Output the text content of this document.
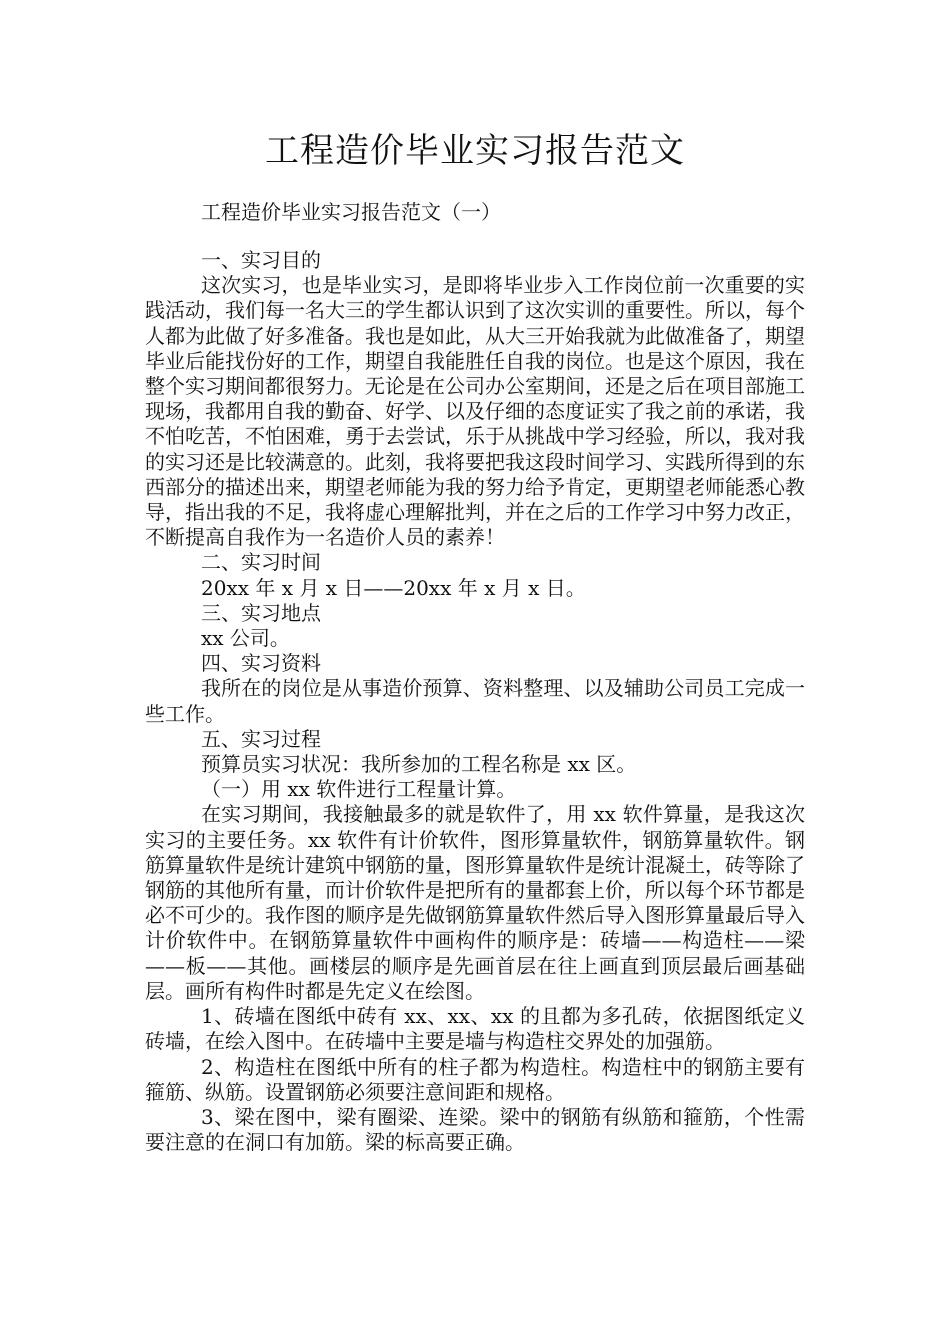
工程造价毕业实习报告范文
工程造价毕业实习报告范文（一）

一、实习目的

这次实习，也是毕业实习，是即将毕业步入工作岗位前一次重要的实践活动，我们每一名大三的学生都认识到了这次实训的重要性。所以，每个人都为此做了好多准备。我也是如此，从大三开始我就为此做准备了，期望毕业后能找份好的工作，期望自我能胜任自我的岗位。也是这个原因，我在整个实习期间都很努力。无论是在公司办公室期间，还是之后在项目部施工现场，我都用自我的勤奋、好学、以及仔细的态度证实了我之前的承诺，我不怕吃苦，不怕困难，勇于去尝试，乐于从挑战中学习经验，所以，我对我的实习还是比较满意的。此刻，我将要把我这段时间学习、实践所得到的东西部分的描述出来，期望老师能为我的努力给予肯定，更期望老师能悉心教导，指出我的不足，我将虚心理解批判，并在之后的工作学习中努力改正，不断提高自我作为一名造价人员的素养！

二、实习时间

20xx 年 x 月 x 日——20xx 年 x 月 x 日。

三、实习地点

xx 公司。

四、实习资料

我所在的岗位是从事造价预算、资料整理、以及辅助公司员工完成一些工作。

五、实习过程

预算员实习状况：我所参加的工程名称是 xx 区。

（一）用 xx 软件进行工程量计算。

在实习期间，我接触最多的就是软件了，用 xx 软件算量，是我这次实习的主要任务。xx 软件有计价软件，图形算量软件，钢筋算量软件。钢筋算量软件是统计建筑中钢筋的量，图形算量软件是统计混凝土，砖等除了钢筋的其他所有量，而计价软件是把所有的量都套上价，所以每个环节都是必不可少的。我作图的顺序是先做钢筋算量软件然后导入图形算量最后导入计价软件中。在钢筋算量软件中画构件的顺序是：砖墙——构造柱——梁——板——其他。画楼层的顺序是先画首层在往上画直到顶层最后画基础层。画所有构件时都是先定义在绘图。

1、砖墙在图纸中砖有 xx、xx、xx 的且都为多孔砖，依据图纸定义砖墙，在绘入图中。在砖墙中主要是墙与构造柱交界处的加强筋。

2、构造柱在图纸中所有的柱子都为构造柱。构造柱中的钢筋主要有箍筋、纵筋。设置钢筋必须要注意间距和规格。

3、梁在图中，梁有圈梁、连梁。梁中的钢筋有纵筋和箍筋，个性需要注意的在洞口有加筋。梁的标高要正确。
